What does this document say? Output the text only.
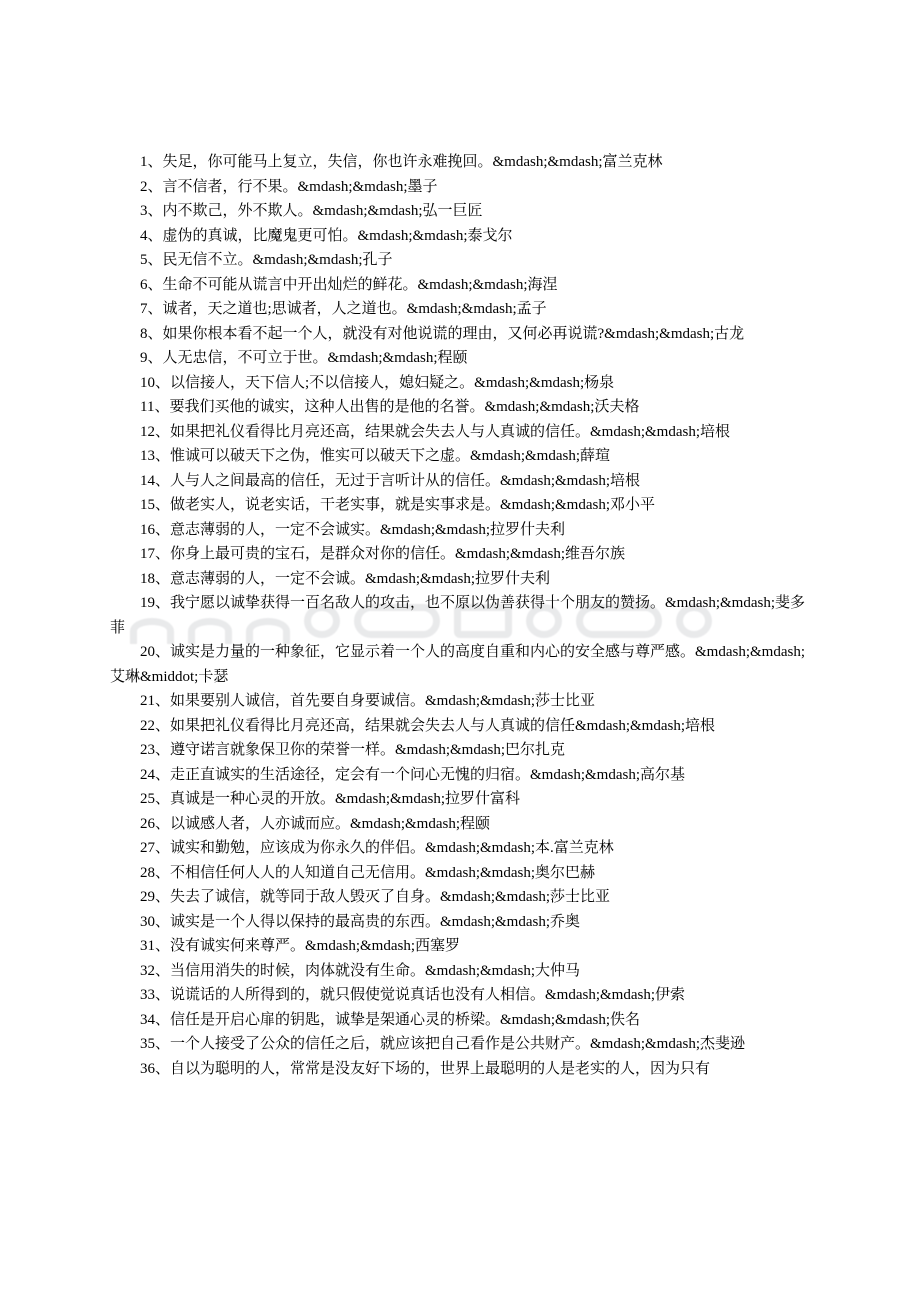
1、失足，你可能马上复立，失信，你也许永难挽回。&mdash;&mdash;富兰克林

2、言不信者，行不果。&mdash;&mdash;墨子

3、内不欺己，外不欺人。&mdash;&mdash;弘一巨匠

4、虚伪的真诚，比魔鬼更可怕。&mdash;&mdash;泰戈尔

5、民无信不立。&mdash;&mdash;孔子

6、生命不可能从谎言中开出灿烂的鲜花。&mdash;&mdash;海涅

7、诚者，天之道也;思诚者，人之道也。&mdash;&mdash;孟子

8、如果你根本看不起一个人，就没有对他说谎的理由，又何必再说谎?&mdash;&mdash;古龙

9、人无忠信，不可立于世。&mdash;&mdash;程颐

10、以信接人，天下信人;不以信接人，媳妇疑之。&mdash;&mdash;杨泉

11、要我们买他的诚实，这种人出售的是他的名誉。&mdash;&mdash;沃夫格

12、如果把礼仪看得比月亮还高，结果就会失去人与人真诚的信任。&mdash;&mdash;培根

13、惟诚可以破天下之伪，惟实可以破天下之虚。&mdash;&mdash;薛瑄

14、人与人之间最高的信任，无过于言听计从的信任。&mdash;&mdash;培根

15、做老实人，说老实话，干老实事，就是实事求是。&mdash;&mdash;邓小平

16、意志薄弱的人，一定不会诚实。&mdash;&mdash;拉罗什夫利

17、你身上最可贵的宝石，是群众对你的信任。&mdash;&mdash;维吾尔族

18、意志薄弱的人，一定不会诚。&mdash;&mdash;拉罗什夫利

19、我宁愿以诚挚获得一百名敌人的攻击，也不原以伪善获得十个朋友的赞扬。&mdash;&mdash;斐多菲

20、诚实是力量的一种象征，它显示着一个人的高度自重和内心的安全感与尊严感。&mdash;&mdash;艾琳&middot;卡瑟

21、如果要别人诚信，首先要自身要诚信。&mdash;&mdash;莎士比亚

22、如果把礼仪看得比月亮还高，结果就会失去人与人真诚的信任&mdash;&mdash;培根

23、遵守诺言就象保卫你的荣誉一样。&mdash;&mdash;巴尔扎克

24、走正直诚实的生活途径，定会有一个问心无愧的归宿。&mdash;&mdash;高尔基

25、真诚是一种心灵的开放。&mdash;&mdash;拉罗什富科

26、以诚感人者，人亦诚而应。&mdash;&mdash;程颐

27、诚实和勤勉，应该成为你永久的伴侣。&mdash;&mdash;本.富兰克林

28、不相信任何人人的人知道自己无信用。&mdash;&mdash;奥尔巴赫

29、失去了诚信，就等同于敌人毁灭了自身。&mdash;&mdash;莎士比亚

30、诚实是一个人得以保持的最高贵的东西。&mdash;&mdash;乔奥

31、没有诚实何来尊严。&mdash;&mdash;西塞罗

32、当信用消失的时候，肉体就没有生命。&mdash;&mdash;大仲马

33、说谎话的人所得到的，就只假使觉说真话也没有人相信。&mdash;&mdash;伊索

34、信任是开启心扉的钥匙，诚挚是架通心灵的桥梁。&mdash;&mdash;佚名

35、一个人接受了公众的信任之后，就应该把自己看作是公共财产。&mdash;&mdash;杰斐逊

36、自以为聪明的人，常常是没友好下场的，世界上最聪明的人是老实的人，因为只有
